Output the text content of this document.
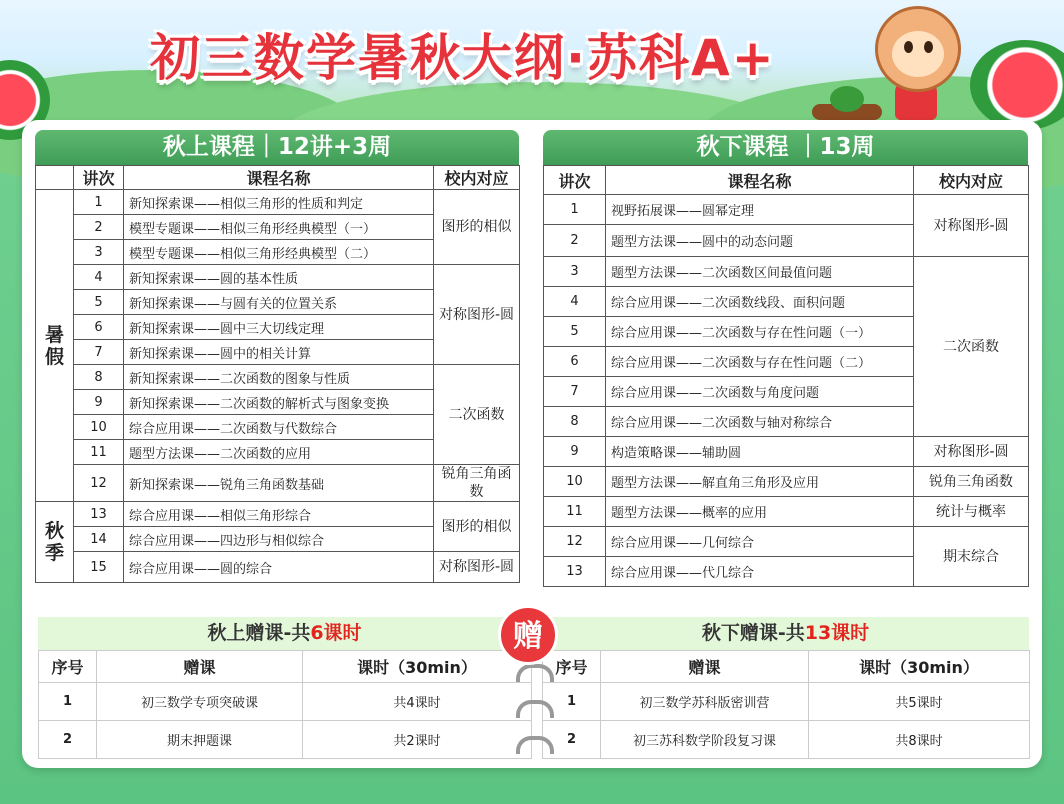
初三数学暑秋大纲·苏科A+
秋上课程｜12讲+3周
	讲次	课程名称	校内对应
暑假	1	新知探索课——相似三角形的性质和判定	图形的相似
	2	模型专题课——相似三角形经典模型（一）	
	3	模型专题课——相似三角形经典模型（二）	
	4	新知探索课——圆的基本性质	对称图形-圆
	5	新知探索课——与圆有关的位置关系	
	6	新知探索课——圆中三大切线定理	
	7	新知探索课——圆中的相关计算	
	8	新知探索课——二次函数的图象与性质	二次函数
	9	新知探索课——二次函数的解析式与图象变换	
	10	综合应用课——二次函数与代数综合	
	11	题型方法课——二次函数的应用	
	12	新知探索课——锐角三角函数基础	锐角三角函数
秋季	13	综合应用课——相似三角形综合	图形的相似
	14	综合应用课——四边形与相似综合	
	15	综合应用课——圆的综合	对称图形-圆
秋下课程 ｜13周
讲次	课程名称	校内对应
1	视野拓展课——圆幂定理	对称图形-圆
2	题型方法课——圆中的动态问题	
3	题型方法课——二次函数区间最值问题	二次函数
4	综合应用课——二次函数线段、面积问题	
5	综合应用课——二次函数与存在性问题（一）	
6	综合应用课——二次函数与存在性问题（二）	
7	综合应用课——二次函数与角度问题	
8	综合应用课——二次函数与轴对称综合	
9	构造策略课——辅助圆	对称图形-圆
10	题型方法课——解直角三角形及应用	锐角三角函数
11	题型方法课——概率的应用	统计与概率
12	综合应用课——几何综合	期末综合
13	综合应用课——代几综合	
秋上赠课-共6课时	秋下赠课-共13课时
序号	赠课	课时（30min）
1	初三数学专项突破课	共4课时
2	期末押题课	共2课时
序号	赠课	课时（30min）
1	初三数学苏科版密训营	共5课时
2	初三苏科数学阶段复习课	共8课时
赠
